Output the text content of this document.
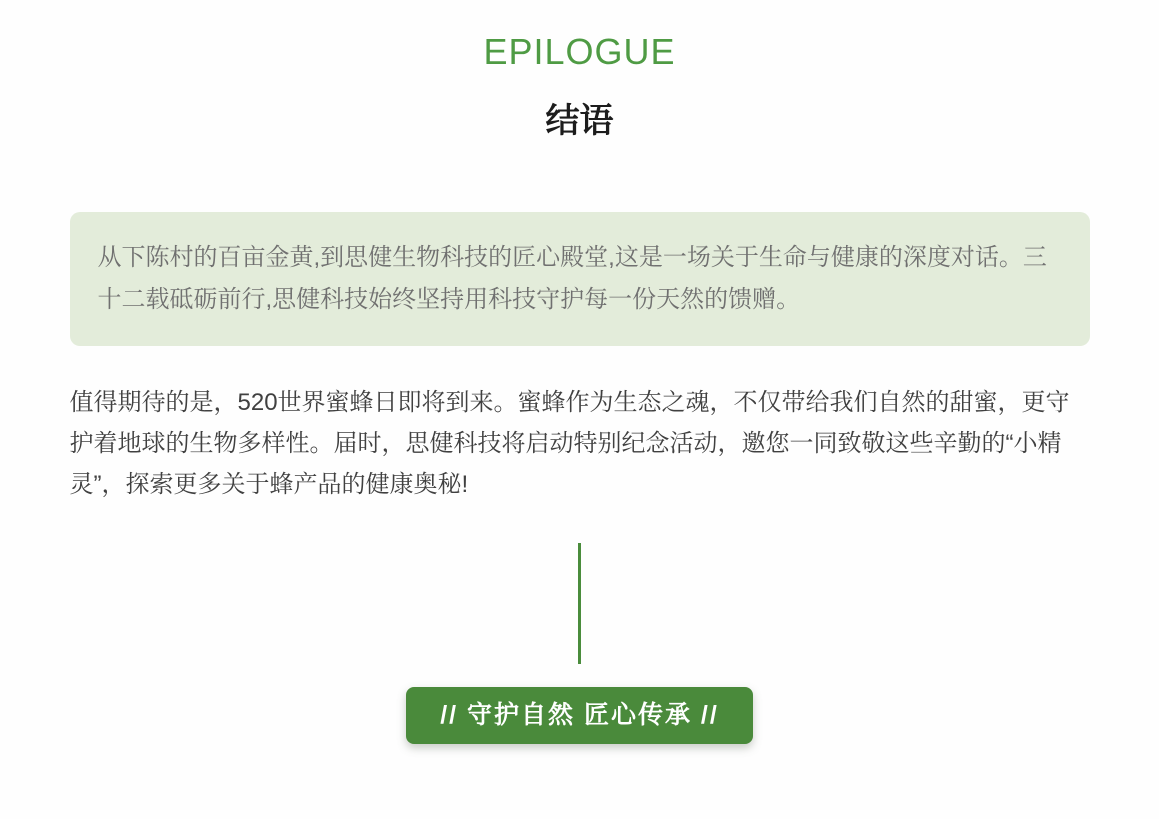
EPILOGUE
结语

从下陈村的百亩金黄,到思健生物科技的匠心殿堂,这是一场关于生命与健康的深度对话。三十二载砥砺前行,思健科技始终坚持用科技守护每一份天然的馈赠。

值得期待的是，520世界蜜蜂日即将到来。蜜蜂作为生态之魂，不仅带给我们自然的甜蜜，更守护着地球的生物多样性。届时，思健科技将启动特别纪念活动，邀您一同致敬这些辛勤的“小精灵”，探索更多关于蜂产品的健康奥秘!

// 守护自然 匠心传承 //
